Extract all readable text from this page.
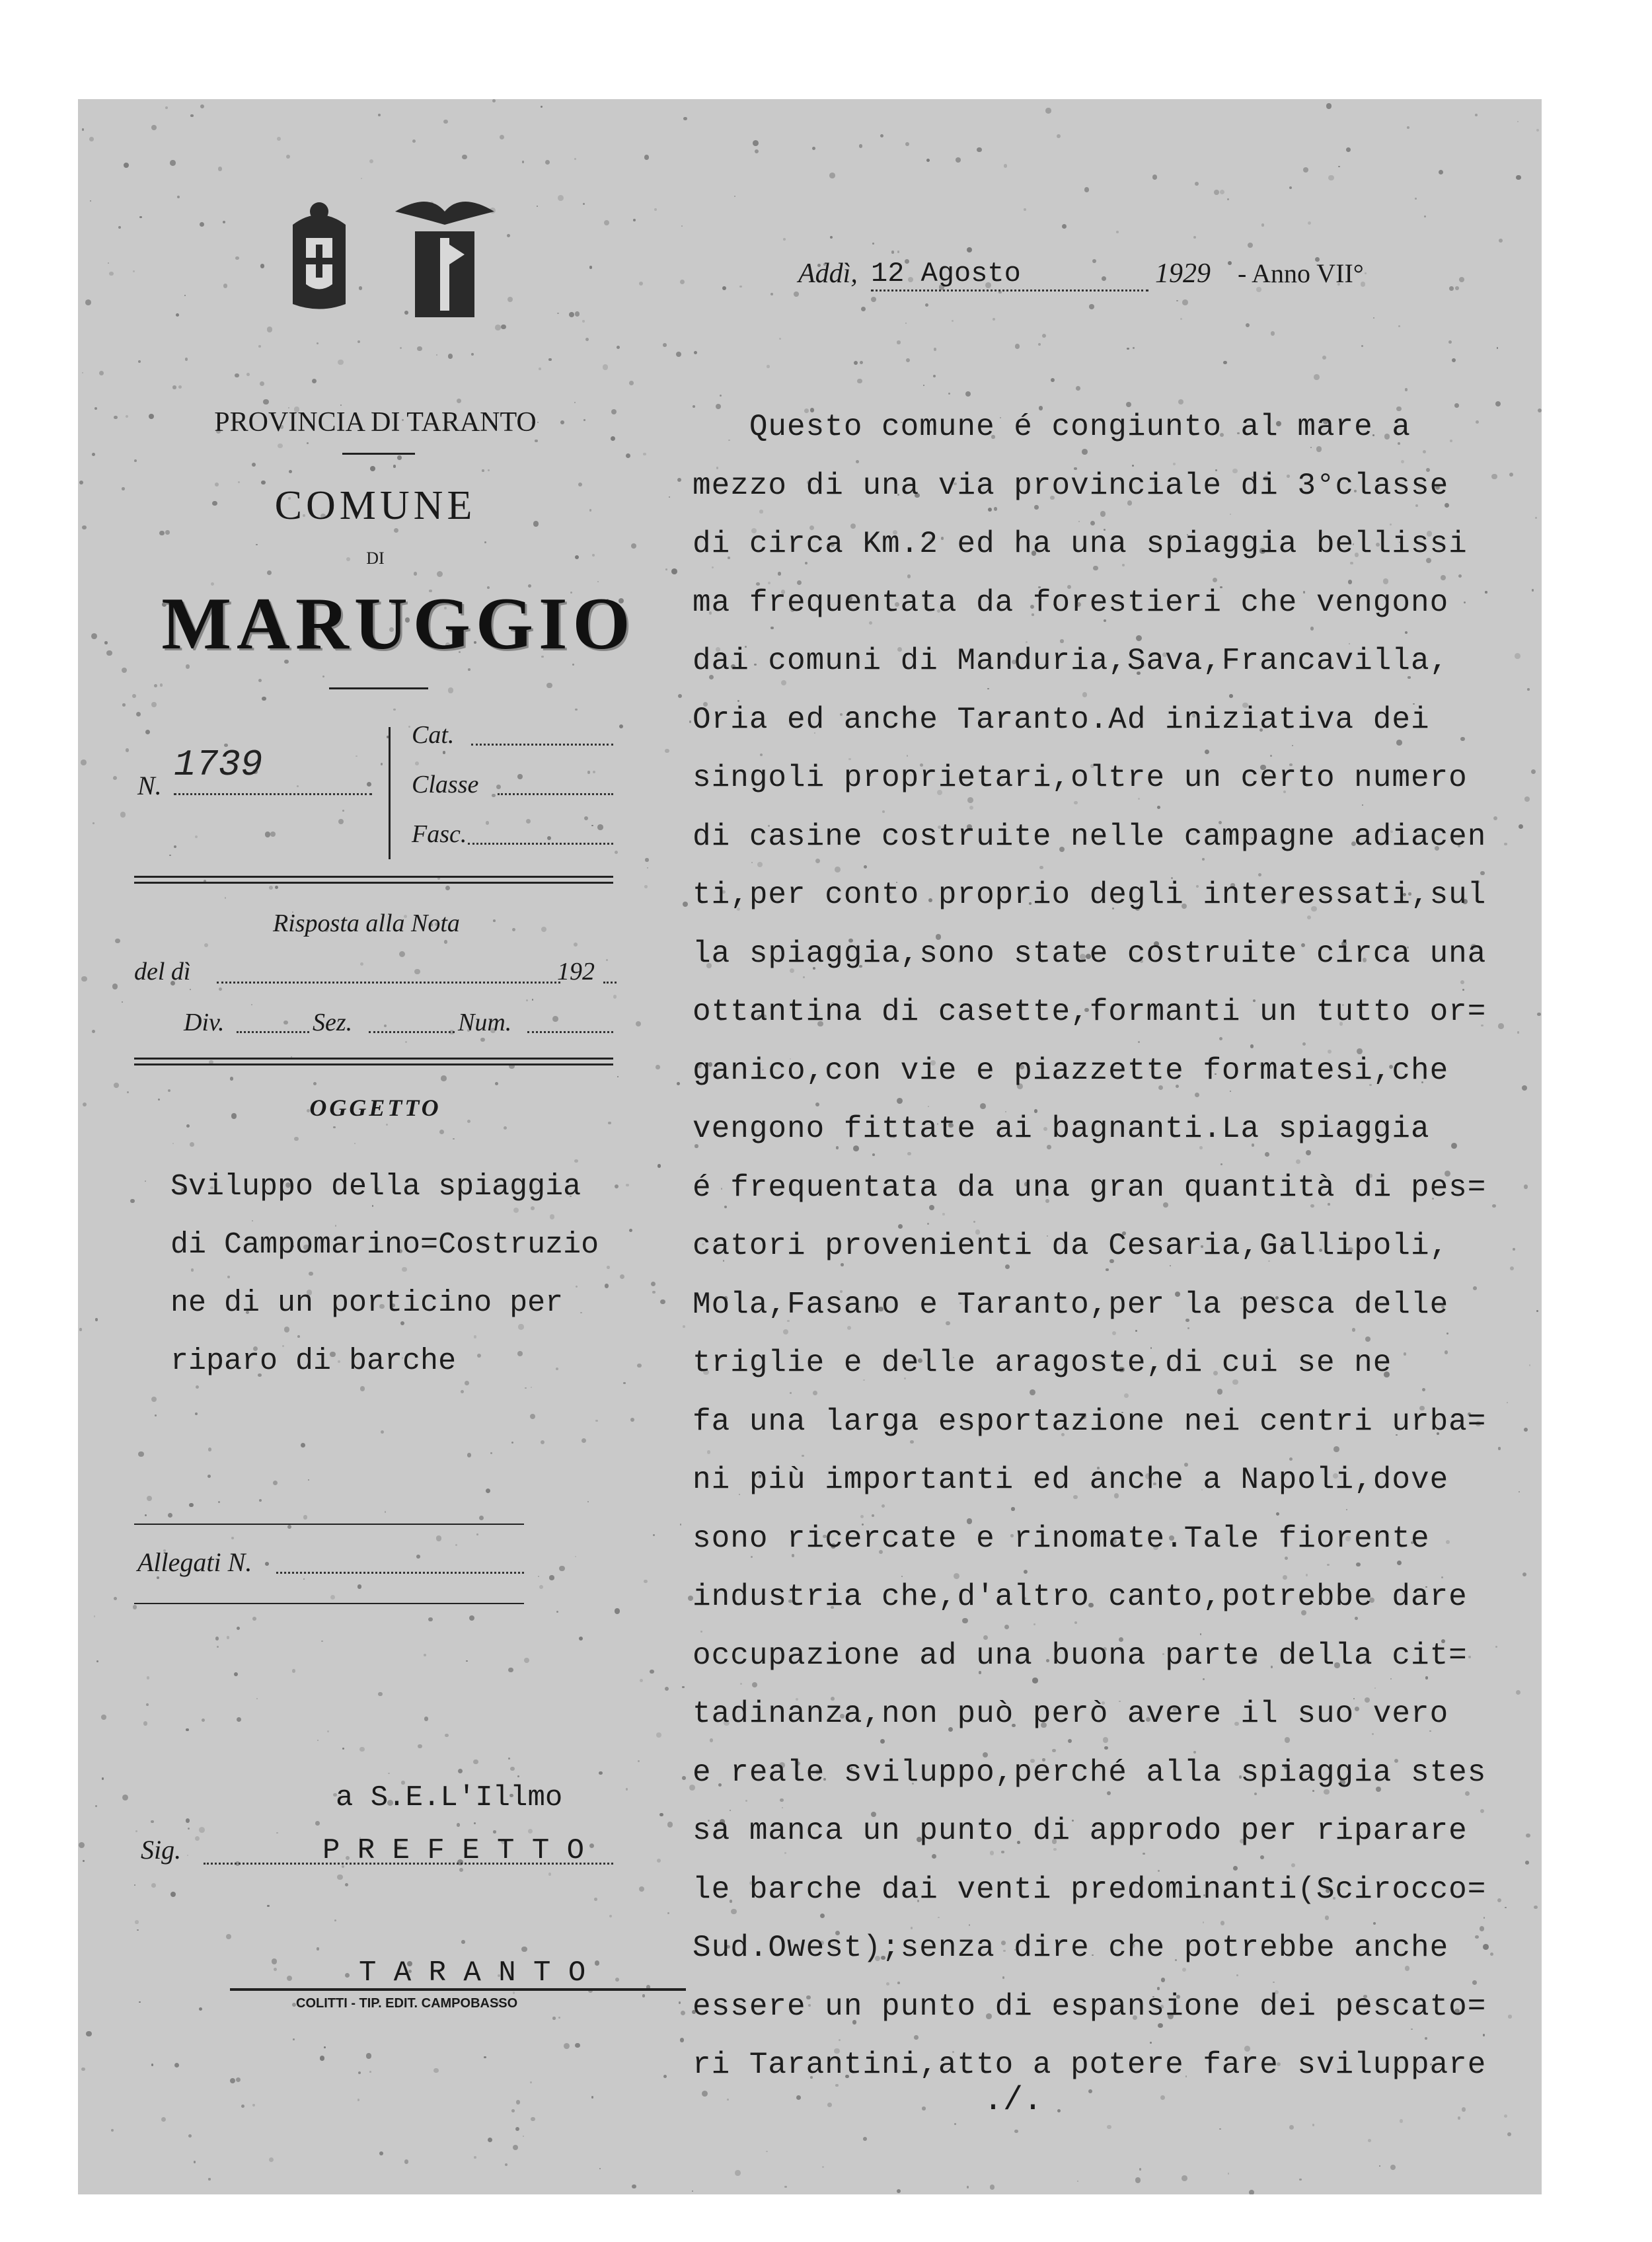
PROVINCIA DI TARANTO
COMUNE
DI
MARUGGIO
N. 1739
Cat.
Classe
Fasc.
Risposta alla Nota
del dì	192
Div.	Sez.	Num.
OGGETTO
Sviluppo della spiaggia
di Campomarino=Costruzio
ne di un porticino per
riparo di barche
Allegati N.
a S.E.L'Illmo
Sig.	P R E F E T T O
T A R A N T O
COLITTI - TIP. EDIT. CAMPOBASSO
Addì, 12 Agosto	1929 - Anno VII°
Questo comune é congiunto al mare a
mezzo di una via provinciale di 3°classe
di circa Km.2 ed ha una spiaggia bellissi
ma frequentata da forestieri che vengono
dai comuni di Manduria,Sava,Francavilla,
Oria ed anche Taranto.Ad iniziativa dei
singoli proprietari,oltre un certo numero
di casine costruite nelle campagne adiacen
ti,per conto proprio degli interessati,sul
la spiaggia,sono state costruite circa una
ottantina di casette,formanti un tutto or=
ganico,con vie e piazzette formatesi,che
vengono fittate ai bagnanti.La spiaggia
é frequentata da una gran quantità di pes=
catori provenienti da Cesaria,Gallipoli,
Mola,Fasano e Taranto,per la pesca delle
triglie e delle aragoste,di cui se ne
fa una larga esportazione nei centri urba=
ni più importanti ed anche a Napoli,dove
sono ricercate e rinomate.Tale fiorente
industria che,d'altro canto,potrebbe dare
occupazione ad una buona parte della cit=
tadinanza,non può però avere il suo vero
e reale sviluppo,perché alla spiaggia stes
sa manca un punto di approdo per riparare
le barche dai venti predominanti(Scirocco=
Sud.Owest);senza dire che potrebbe anche
essere un punto di espansione dei pescato=
ri Tarantini,atto a potere fare sviluppare
./.
